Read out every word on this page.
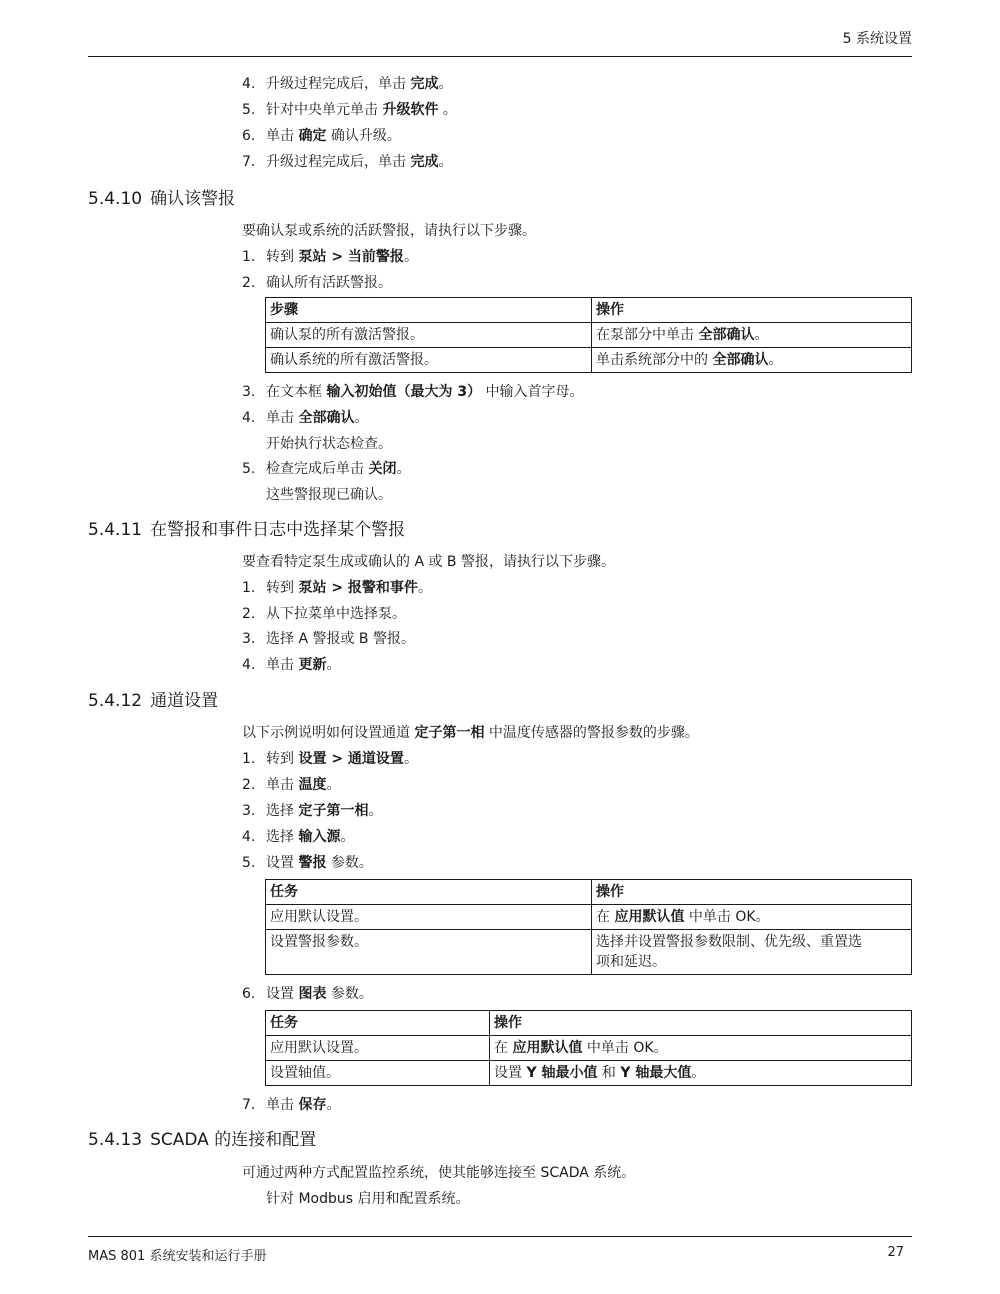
5 系统设置
4. 升级过程完成后，单击 完成。
5. 针对中央单元单击 升级软件 。
6. 单击 确定 确认升级。
7. 升级过程完成后，单击 完成。
5.4.10 确认该警报
要确认泵或系统的活跃警报，请执行以下步骤。
1. 转到 泵站 > 当前警报。
2. 确认所有活跃警报。
步骤	操作
确认泵的所有激活警报。	在泵部分中单击 全部确认。
确认系统的所有激活警报。	单击系统部分中的 全部确认。
3. 在文本框 输入初始值（最大为 3） 中输入首字母。
4. 单击 全部确认。
开始执行状态检查。
5. 检查完成后单击 关闭。
这些警报现已确认。
5.4.11 在警报和事件日志中选择某个警报
要查看特定泵生成或确认的 A 或 B 警报，请执行以下步骤。
1. 转到 泵站 > 报警和事件。
2. 从下拉菜单中选择泵。
3. 选择 A 警报或 B 警报。
4. 单击 更新。
5.4.12 通道设置
以下示例说明如何设置通道 定子第一相 中温度传感器的警报参数的步骤。
1. 转到 设置 > 通道设置。
2. 单击 温度。
3. 选择 定子第一相。
4. 选择 输入源。
5. 设置 警报 参数。
任务	操作
应用默认设置。	在 应用默认值 中单击 OK。
设置警报参数。	选择并设置警报参数限制、优先级、重置选
项和延迟。
6. 设置 图表 参数。
任务	操作
应用默认设置。	在 应用默认值 中单击 OK。
设置轴值。	设置 Y 轴最小值 和 Y 轴最大值。
7. 单击 保存。
5.4.13 SCADA 的连接和配置
可通过两种方式配置监控系统，使其能够连接至 SCADA 系统。
针对 Modbus 启用和配置系统。
MAS 801 系统安装和运行手册	27
